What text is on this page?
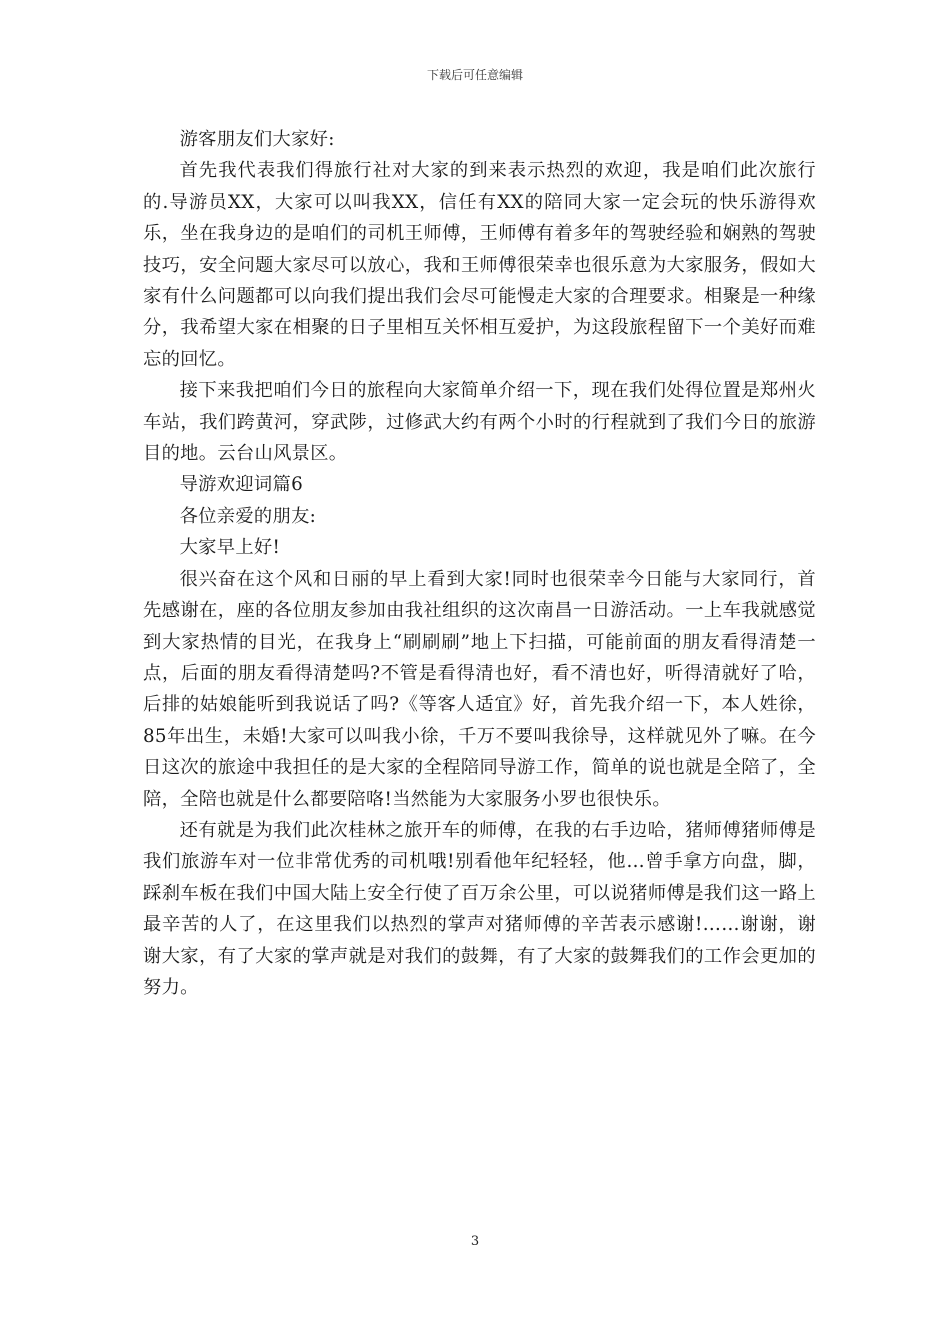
下载后可任意编辑

游客朋友们大家好:

首先我代表我们得旅行社对大家的到来表示热烈的欢迎，我是咱们此次旅行的.导游员XX，大家可以叫我XX，信任有XX的陪同大家一定会玩的快乐游得欢乐，坐在我身边的是咱们的司机王师傅，王师傅有着多年的驾驶经验和娴熟的驾驶技巧，安全问题大家尽可以放心，我和王师傅很荣幸也很乐意为大家服务，假如大家有什么问题都可以向我们提出我们会尽可能慢走大家的合理要求。相聚是一种缘分，我希望大家在相聚的日子里相互关怀相互爱护，为这段旅程留下一个美好而难忘的回忆。

接下来我把咱们今日的旅程向大家简单介绍一下，现在我们处得位置是郑州火车站，我们跨黄河，穿武陟，过修武大约有两个小时的行程就到了我们今日的旅游目的地。云台山风景区。

导游欢迎词篇6

各位亲爱的朋友:

大家早上好!

很兴奋在这个风和日丽的早上看到大家!同时也很荣幸今日能与大家同行，首先感谢在，座的各位朋友参加由我社组织的这次南昌一日游活动。一上车我就感觉到大家热情的目光，在我身上“刷刷刷”地上下扫描，可能前面的朋友看得清楚一点，后面的朋友看得清楚吗?不管是看得清也好，看不清也好，听得清就好了哈，后排的姑娘能听到我说话了吗?《等客人适宜》好，首先我介绍一下，本人姓徐，85年出生，未婚!大家可以叫我小徐，千万不要叫我徐导，这样就见外了嘛。在今日这次的旅途中我担任的是大家的全程陪同导游工作，简单的说也就是全陪了，全陪，全陪也就是什么都要陪咯!当然能为大家服务小罗也很快乐。

还有就是为我们此次桂林之旅开车的师傅，在我的右手边哈，猪师傅猪师傅是我们旅游车对一位非常优秀的司机哦!别看他年纪轻轻，他…曾手拿方向盘，脚，踩刹车板在我们中国大陆上安全行使了百万余公里，可以说猪师傅是我们这一路上最辛苦的人了，在这里我们以热烈的掌声对猪师傅的辛苦表示感谢!……谢谢，谢谢大家，有了大家的掌声就是对我们的鼓舞，有了大家的鼓舞我们的工作会更加的努力。

3
